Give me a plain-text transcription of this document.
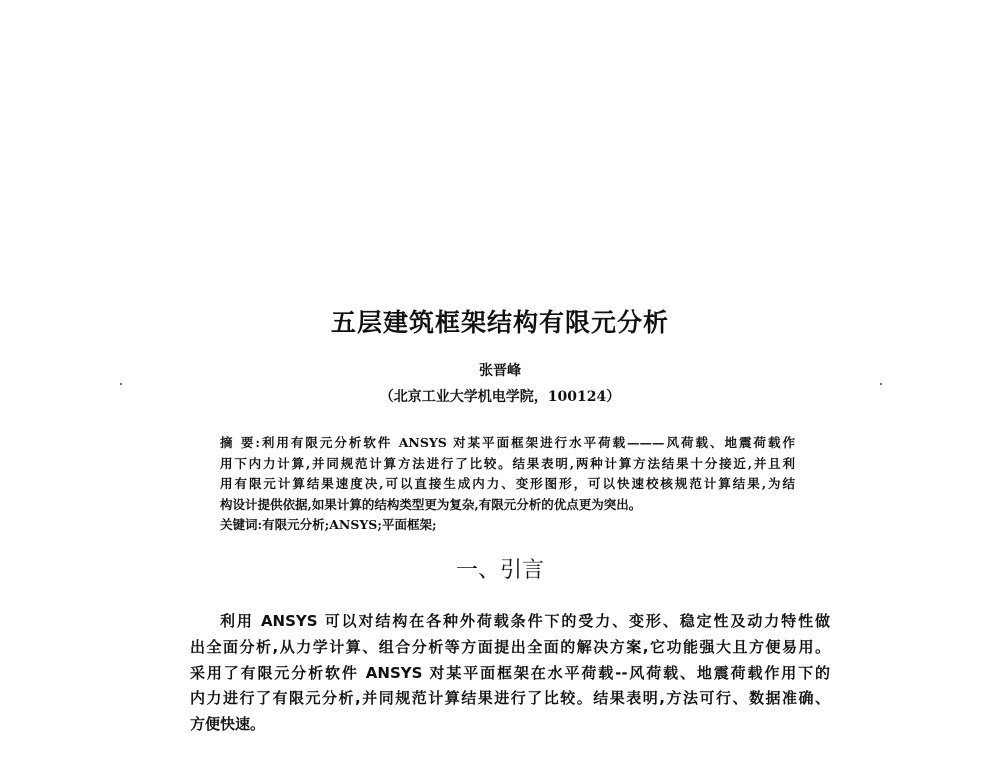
五层建筑框架结构有限元分析
张晋峰
（北京工业大学机电学院，100124）
摘 要:利用有限元分析软件 ANSYS 对某平面框架进行水平荷载———风荷载、地震荷载作
用下内力计算,并同规范计算方法进行了比较。结果表明,两种计算方法结果十分接近,并且利
用有限元计算结果速度决,可以直接生成内力、变形图形，可以快速校核规范计算结果,为结
构设计提供依据,如果计算的结构类型更为复杂,有限元分析的优点更为突出。
关键词:有限元分析;ANSYS;平面框架;
一、引言
利用 ANSYS 可以对结构在各种外荷载条件下的受力、变形、稳定性及动力特性做
出全面分析,从力学计算、组合分析等方面提出全面的解决方案,它功能强大且方便易用。
采用了有限元分析软件 ANSYS 对某平面框架在水平荷载--风荷载、地震荷载作用下的
内力进行了有限元分析,并同规范计算结果进行了比较。结果表明,方法可行、数据准确、
方便快速。
